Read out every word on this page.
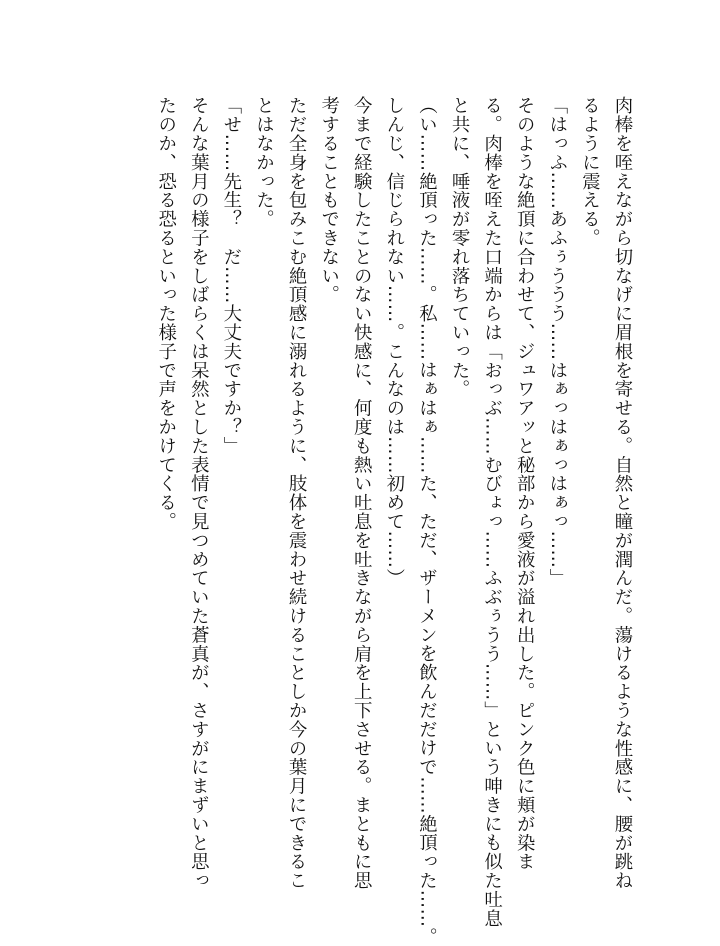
肉棒を咥えながら切なげに眉根を寄せる。自然と瞳が潤んだ。蕩けるような性感に、腰が跳ね
るように震える。
「はっふ……あふぅううう……はぁっはぁっはぁっ……」
そのような絶頂に合わせて、ジュワアッと秘部から愛液が溢れ出した。ピンク色に頬が染ま
る。肉棒を咥えた口端からは「おっぶ……むびょっ……ふぶぅうう……」という呻きにも似た吐息
と共に、唾液が零れ落ちていった。
（い……絶頂った……。私……はぁはぁ……た、ただ、ザーメンを飲んだだけで……絶頂った……。
しんじ、信じられない……。こんなのは……初めて……）
今まで経験したことのない快感に、何度も熱い吐息を吐きながら肩を上下させる。まともに思
考することもできない。
ただ全身を包みこむ絶頂感に溺れるように、肢体を震わせ続けることしか今の葉月にできるこ
とはなかった。
「せ……先生？　だ……大丈夫ですか？」
そんな葉月の様子をしばらくは呆然とした表情で見つめていた蒼真が、さすがにまずいと思っ
たのか、恐る恐るといった様子で声をかけてくる。
